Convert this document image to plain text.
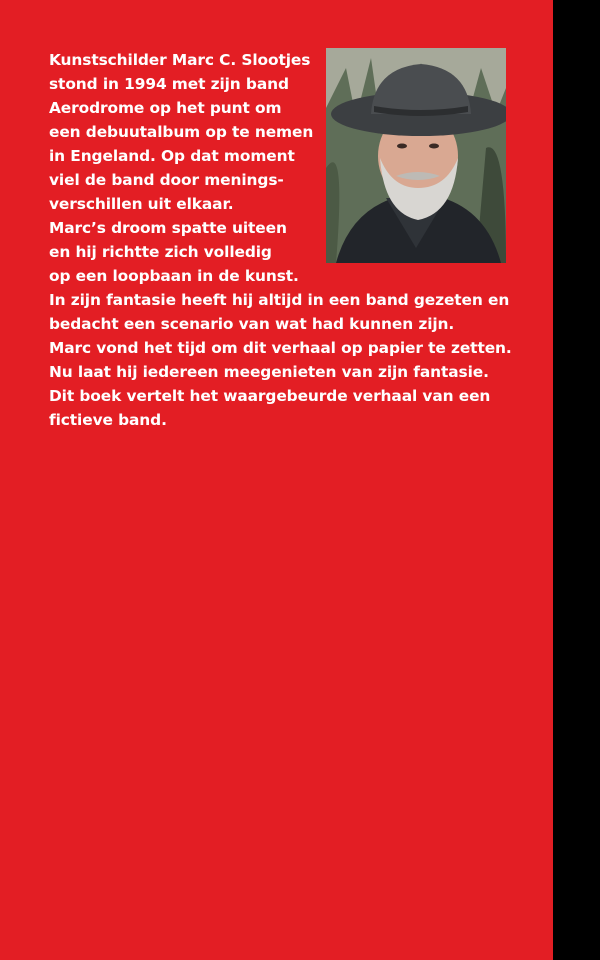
Kunstschilder Marc C. Slootjes
stond in 1994 met zijn band
Aerodrome op het punt om
een debuutalbum op te nemen
in Engeland. Op dat moment
viel de band door menings-
verschillen uit elkaar.
Marc’s droom spatte uiteen
en hij richtte zich volledig
op een loopbaan in de kunst.
In zijn fantasie heeft hij altijd in een band gezeten en
bedacht een scenario van wat had kunnen zijn.
Marc vond het tijd om dit verhaal op papier te zetten.
Nu laat hij iedereen meegenieten van zijn fantasie.
Dit boek vertelt het waargebeurde verhaal van een
fictieve band.
